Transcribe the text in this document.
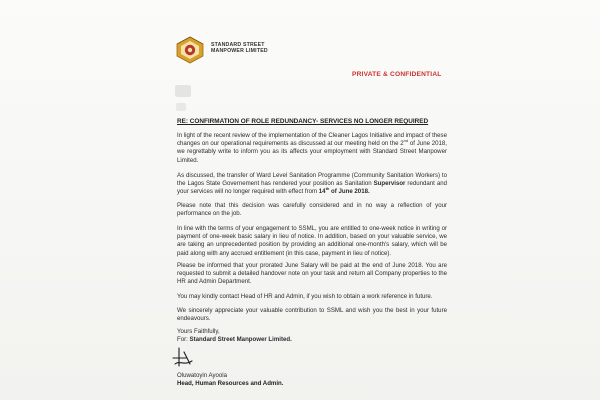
STANDARD STREET
MANPOWER LIMITED
PRIVATE & CONFIDENTIAL
RE: CONFIRMATION OF ROLE REDUNDANCY- SERVICES NO LONGER REQUIRED

In light of the recent review of the implementation of the Cleaner Lagos Initiative and impact of these changes on our operational requirements as discussed at our meeting held on the 2nd of June 2018, we regrettably write to inform you as its affects your employment with Standard Street Manpower Limited.

As discussed, the transfer of Ward Level Sanitation Programme (Community Sanitation Workers) to the Lagos State Governement has rendered your position as Sanitation Supervisor redundant and your services will no longer required with effect from 14th of June 2018.

Please note that this decision was carefully considered and in no way a reflection of your performance on the job.

In line with the terms of your engagement to SSML, you are entitled to one-week notice in writing or payment of one-week basic salary in lieu of notice. In addition, based on your valuable service, we are taking an unprecedented position by providing an additional one-month's salary, which will be paid along with any accrued entitlement (in this case, payment in lieu of notice).

Please be informed that your prorated June Salary will be paid at the end of June 2018. You are requested to submit a detailed handover note on your task and return all Company properties to the HR and Admin Department.

You may kindly contact Head of HR and Admin, if you wish to obtain a work reference in future.

We sincerely appreciate your valuable contribution to SSML and wish you the best in your future endeavours.

Yours Faithfully,
For: Standard Street Manpower Limited.
Oluwatoyin Ayoola
Head, Human Resources and Admin.
